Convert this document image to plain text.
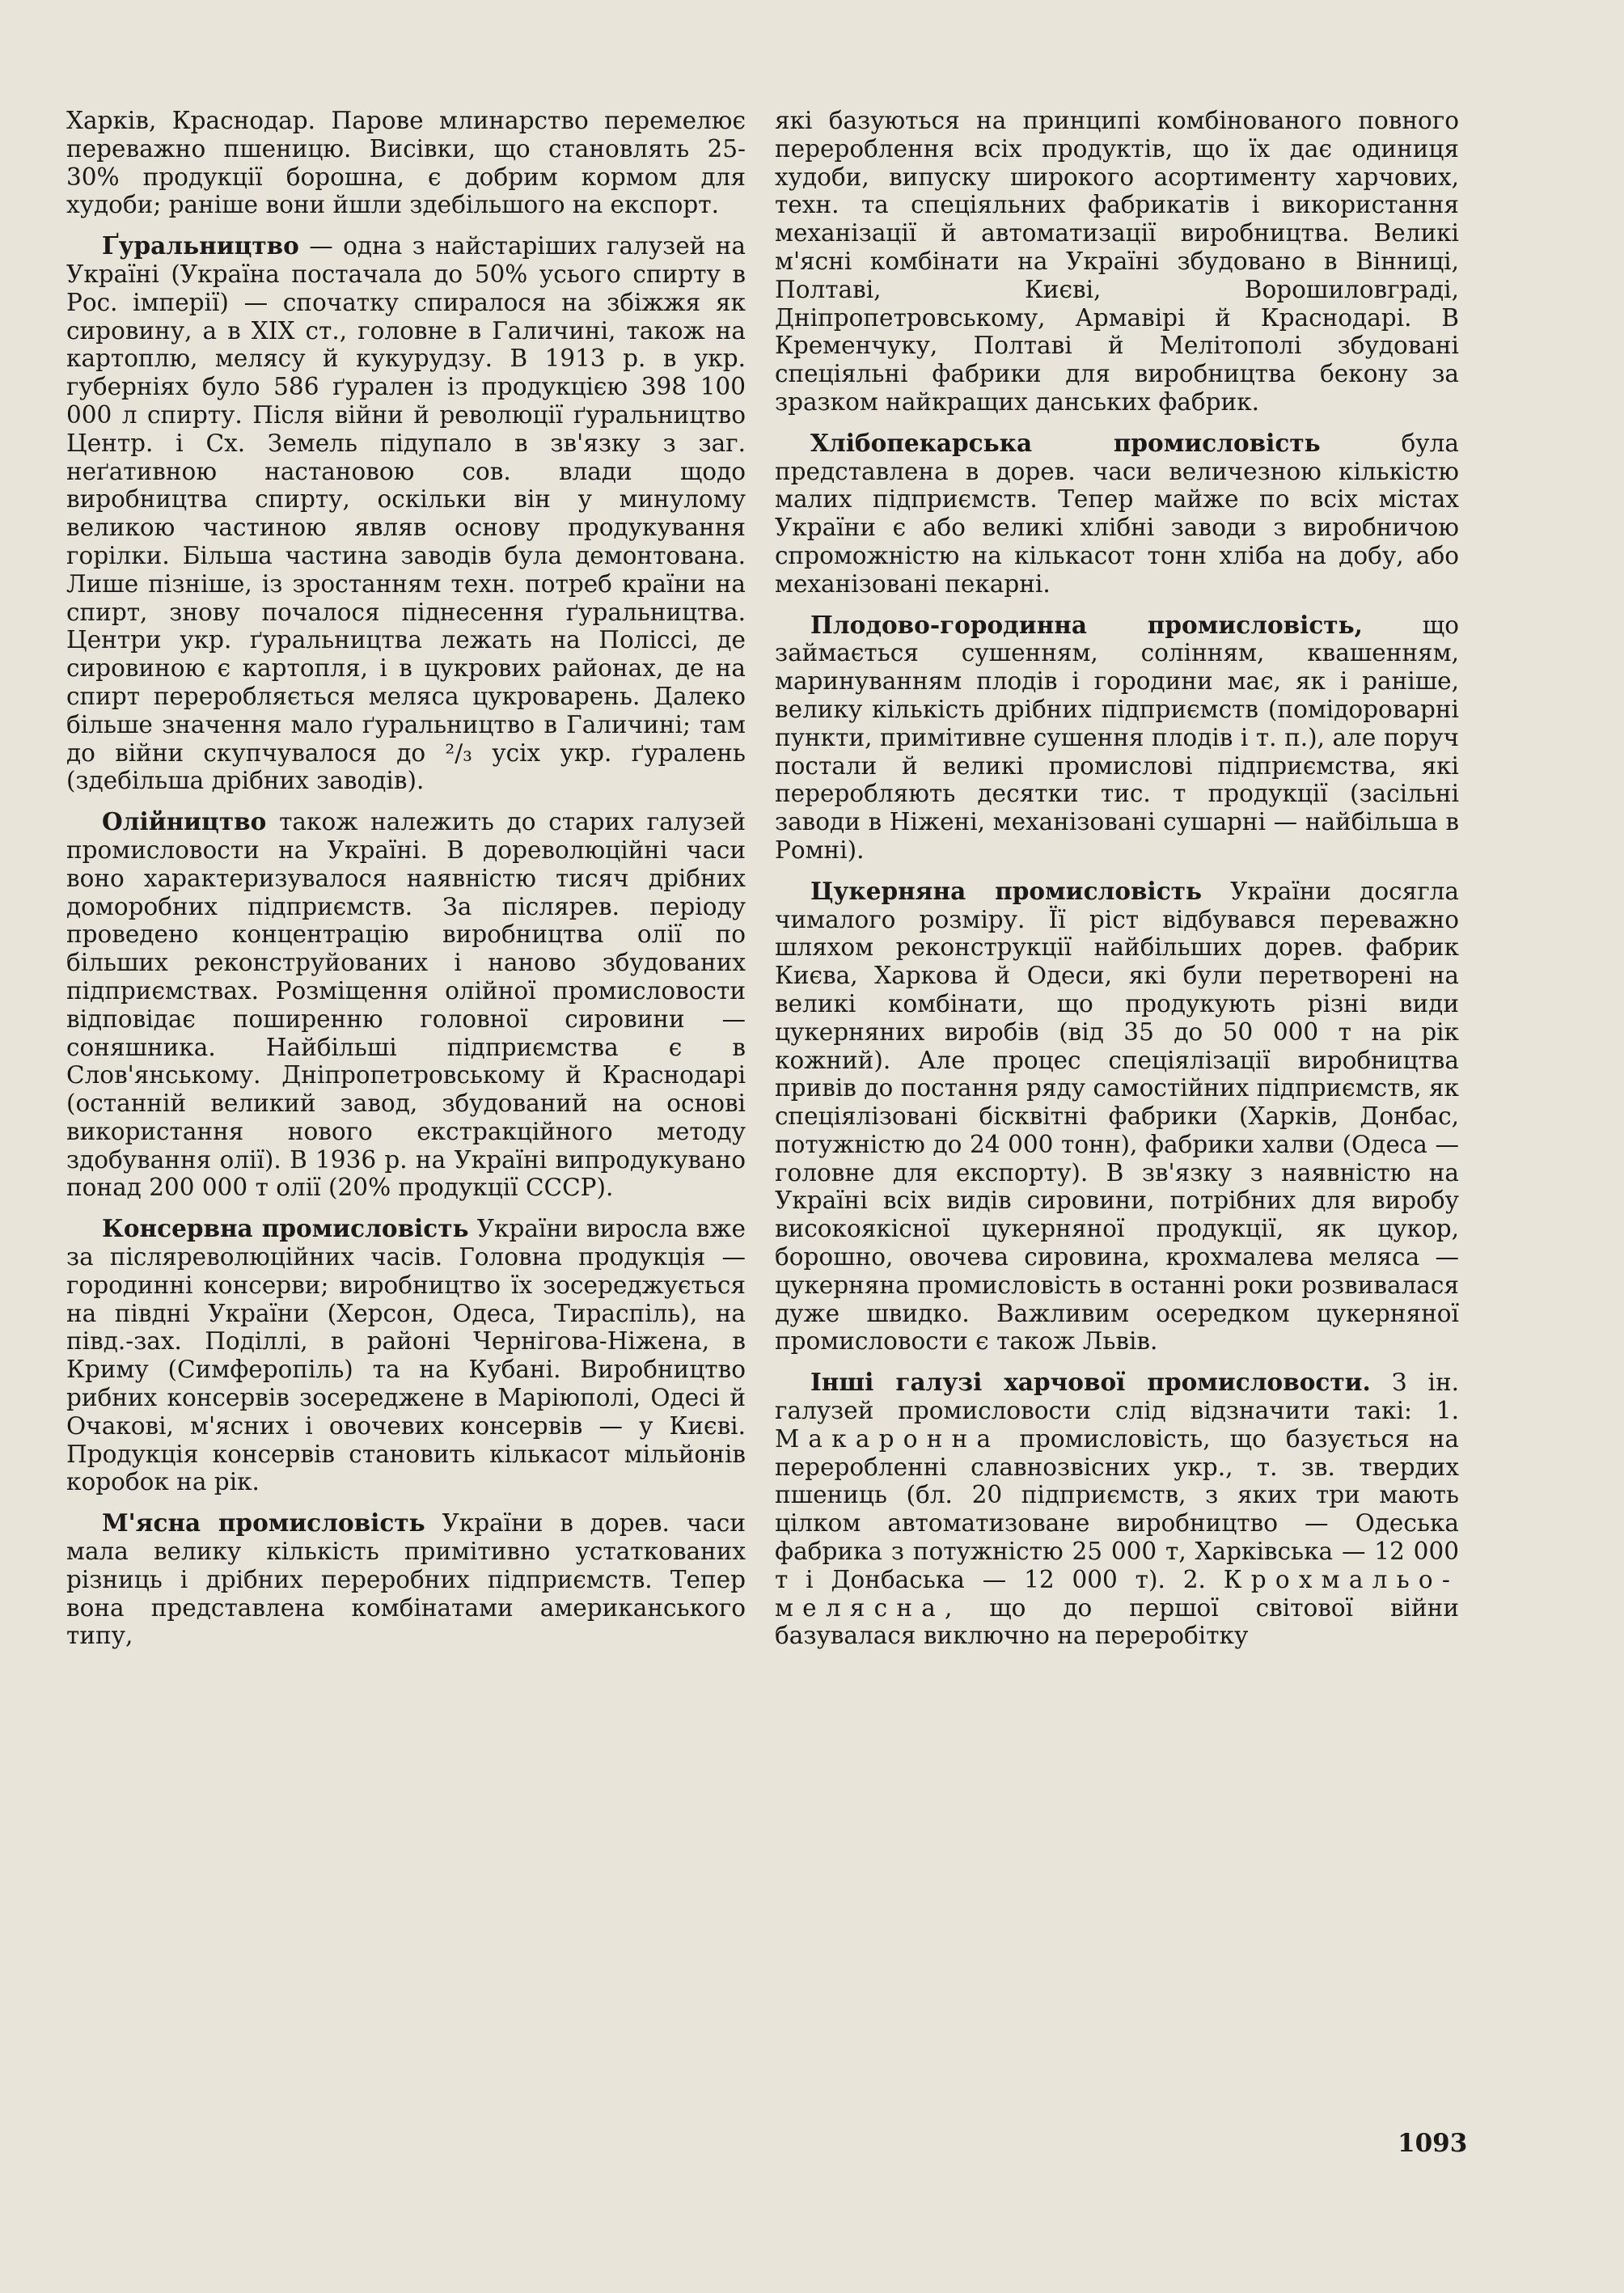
Харків, Краснодар. Парове млинарство перемелює переважно пшеницю. Висівки, що становлять 25-30% продукції борошна, є добрим кормом для худоби; раніше вони йшли здебільшого на експорт.

Ґуральництво — одна з найстаріших галузей на Україні (Україна постачала до 50% усього спирту в Рос. імперії) — спочатку спиралося на збіжжя як сировину, а в XIX ст., головне в Галичині, також на картоплю, меляcу й кукурудзу. В 1913 р. в укр. губерніях було 586 ґурален із продукцією 398 100 000 л спирту. Після війни й революції ґуральництво Центр. і Сх. Земель підупало в зв'язку з заг. неґативною настановою сов. влади щодо виробництва спирту, оскільки він у минулому великою частиною являв основу продукування горілки. Більша частина заводів була демонтована. Лише пізніше, із зростанням техн. потреб країни на спирт, знову почалося піднесення ґуральництва. Центри укр. ґуральництва лежать на Поліссі, де сировиною є картопля, і в цукрових районах, де на спирт переробляється меляса цукроварень. Далеко більше значення мало ґуральництво в Галичині; там до війни скупчувалося до ²/₃ усіх укр. ґуралень (здебільша дрібних заводів).

Олійництво також належить до старих галузей промисловости на Україні. В дореволюційні часи воно характеризувалося наявністю тисяч дрібних доморобних підприємств. За післярев. періоду проведено концентрацію виробництва олії по більших реконструйованих і наново збудованих підприємствах. Розміщення олійної промисловости відповідає поширенню головної сировини — соняшника. Найбільші підприємства є в Слов'янському. Дніпропетровському й Краснодарі (останній великий завод, збудований на основі використання нового екстракційного методу здобування олії). В 1936 р. на Україні випродукувано понад 200 000 т олії (20% продукції СССР).

Консервна промисловість України виросла вже за післяреволюційних часів. Головна продукція — городинні консерви; виробництво їх зосереджується на півдні України (Херсон, Одеса, Тираспіль), на півд.-зах. Поділлі, в районі Чернігова-Ніжена, в Криму (Симферопіль) та на Кубані. Виробництво рибних консервів зосереджене в Маріюполі, Одесі й Очакові, м'ясних і овочевих консервів — у Києві. Продукція консервів становить кількасот мільйонів коробок на рік.

М'ясна промисловість України в дорев. часи мала велику кількість примітивно устаткованих різниць і дрібних переробних підприємств. Тепер вона представлена комбінатами американського типу,

які базуються на принципі комбінованого повного перероблення всіх продуктів, що їх дає одиниця худоби, випуску широкого асортименту харчових, техн. та спеціяльних фабрикатів і використання механізації й автоматизації виробництва. Великі м'ясні комбінати на Україні збудовано в Вінниці, Полтаві, Києві, Ворошиловграді, Дніпропетровському, Армавірі й Краснодарі. В Кременчуку, Полтаві й Мелітополі збудовані спеціяльні фабрики для виробництва бекону за зразком найкращих данських фабрик.

Хлібопекарська промисловість була представлена в дорев. часи величезною кількістю малих підприємств. Тепер майже по всіх містах України є або великі хлібні заводи з виробничою спроможністю на кількасот тонн хліба на добу, або механізовані пекарні.

Плодово-городинна промисловість, що займається сушенням, солінням, квашенням, маринуванням плодів і городини має, як і раніше, велику кількість дрібних підприємств (помідороварні пункти, примітивне сушення плодів і т. п.), але поруч постали й великі промислові підприємства, які переробляють десятки тис. т продукції (засільні заводи в Ніжені, механізовані сушарні — найбільша в Ромні).

Цукерняна промисловість України досягла чималого розміру. Її ріст відбувався переважно шляхом реконструкції найбільших дорев. фабрик Києва, Харкова й Одеси, які були перетворені на великі комбінати, що продукують різні види цукерняних виробів (від 35 до 50 000 т на рік кожний). Але процес спеціялізації виробництва привів до постання ряду самостійних підприємств, як спеціялізовані бісквітні фабрики (Харків, Донбас, потужністю до 24 000 тонн), фабрики халви (Одеса — головне для експорту). В зв'язку з наявністю на Україні всіх видів сировини, потрібних для виробу високоякісної цукерняної продукції, як цукор, борошно, овочева сировина, крохмалева меляса — цукерняна промисловість в останні роки розвивалася дуже швидко. Важливим осередком цукерняної промисловости є також Львів.

Інші галузі харчової промисловости. З ін. галузей промисловости слід відзначити такі: 1. Макаронна промисловість, що базується на переробленні славнозвісних укр., т. зв. твердих пшениць (бл. 20 підприємств, з яких три мають цілком автоматизоване виробництво — Одеська фабрика з потужністю 25 000 т, Харківська — 12 000 т і Донбаська — 12 000 т). 2. Крохмальо-мелясна, що до першої світової війни базувалася виключно на переробітку

1093
